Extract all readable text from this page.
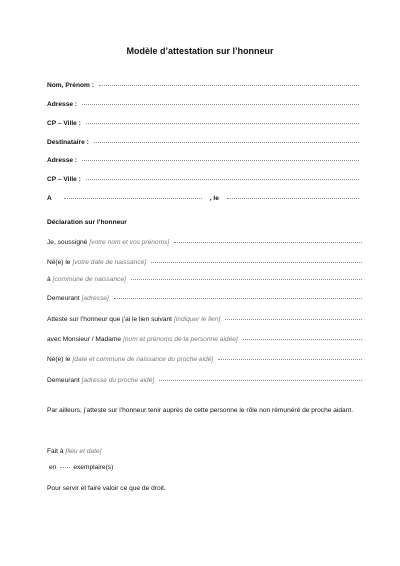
Modèle d’attestation sur l’honneur
Nom, Prénom :
Adresse :
CP – Ville :
Destinataire :
Adresse :
CP – Ville :
A	, le
Déclaration sur l’honneur
Je, soussigné [votre nom et vos prénoms]
Né(e) le [votre date de naissance]
à [commune de naissance]
Demeurant [adresse]
Atteste sur l’honneur que j’ai le lien suivant [indiquer le lien]
avec Monsieur / Madame [nom et prénoms de la personne aidée]
Né(e) le [date et commune de naissance du proche aidé]
Demeurant [adresse du proche aidé]
Par ailleurs, j’atteste sur l’honneur tenir auprès de cette personne le rôle non rémunéré de proche aidant.
Fait à [lieu et date]
en	exemplaire(s)
Pour servir et faire valoir ce que de droit.
